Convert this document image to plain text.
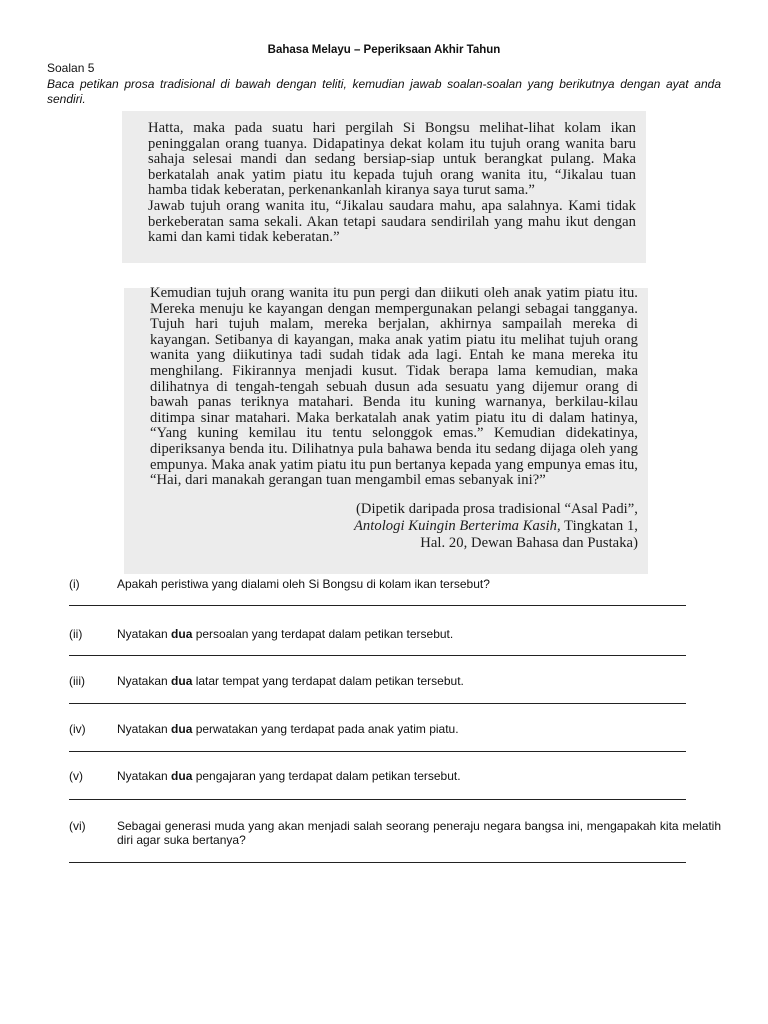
Bahasa Melayu – Peperiksaan Akhir Tahun
Soalan 5
Baca petikan prosa tradisional di bawah dengan teliti, kemudian jawab soalan-soalan yang berikutnya dengan ayat anda sendiri.

Hatta, maka pada suatu hari pergilah Si Bongsu melihat-lihat kolam ikan peninggalan orang tuanya. Didapatinya dekat kolam itu tujuh orang wanita baru sahaja selesai mandi dan sedang bersiap-siap untuk berangkat pulang. Maka berkatalah anak yatim piatu itu kepada tujuh orang wanita itu, “Jikalau tuan hamba tidak keberatan, perkenankanlah kiranya saya turut sama.”

Jawab tujuh orang wanita itu, “Jikalau saudara mahu, apa salahnya. Kami tidak berkeberatan sama sekali. Akan tetapi saudara sendirilah yang mahu ikut dengan kami dan kami tidak keberatan.”

Kemudian tujuh orang wanita itu pun pergi dan diikuti oleh anak yatim piatu itu. Mereka menuju ke kayangan dengan mempergunakan pelangi sebagai tangganya. Tujuh hari tujuh malam, mereka berjalan, akhirnya sampailah mereka di kayangan. Setibanya di kayangan, maka anak yatim piatu itu melihat tujuh orang wanita yang diikutinya tadi sudah tidak ada lagi. Entah ke mana mereka itu menghilang. Fikirannya menjadi kusut. Tidak berapa lama kemudian, maka dilihatnya di tengah-tengah sebuah dusun ada sesuatu yang dijemur orang di bawah panas teriknya matahari. Benda itu kuning warnanya, berkilau-kilau ditimpa sinar matahari. Maka berkatalah anak yatim piatu itu di dalam hatinya, “Yang kuning kemilau itu tentu selonggok emas.” Kemudian didekatinya, diperiksanya benda itu. Dilihatnya pula bahawa benda itu sedang dijaga oleh yang empunya. Maka anak yatim piatu itu pun bertanya kepada yang empunya emas itu, “Hai, dari manakah gerangan tuan mengambil emas sebanyak ini?”

(Dipetik daripada prosa tradisional “Asal Padi”,
Antologi Kuingin Berterima Kasih, Tingkatan 1,
Hal. 20, Dewan Bahasa dan Pustaka)
(i)	Apakah peristiwa yang dialami oleh Si Bongsu di kolam ikan tersebut?
(ii)	Nyatakan dua persoalan yang terdapat dalam petikan tersebut.
(iii)	Nyatakan dua latar tempat yang terdapat dalam petikan tersebut.
(iv)	Nyatakan dua perwatakan yang terdapat pada anak yatim piatu.
(v)	Nyatakan dua pengajaran yang terdapat dalam petikan tersebut.
(vi)	Sebagai generasi muda yang akan menjadi salah seorang peneraju negara bangsa ini, mengapakah kita melatih diri agar suka bertanya?
